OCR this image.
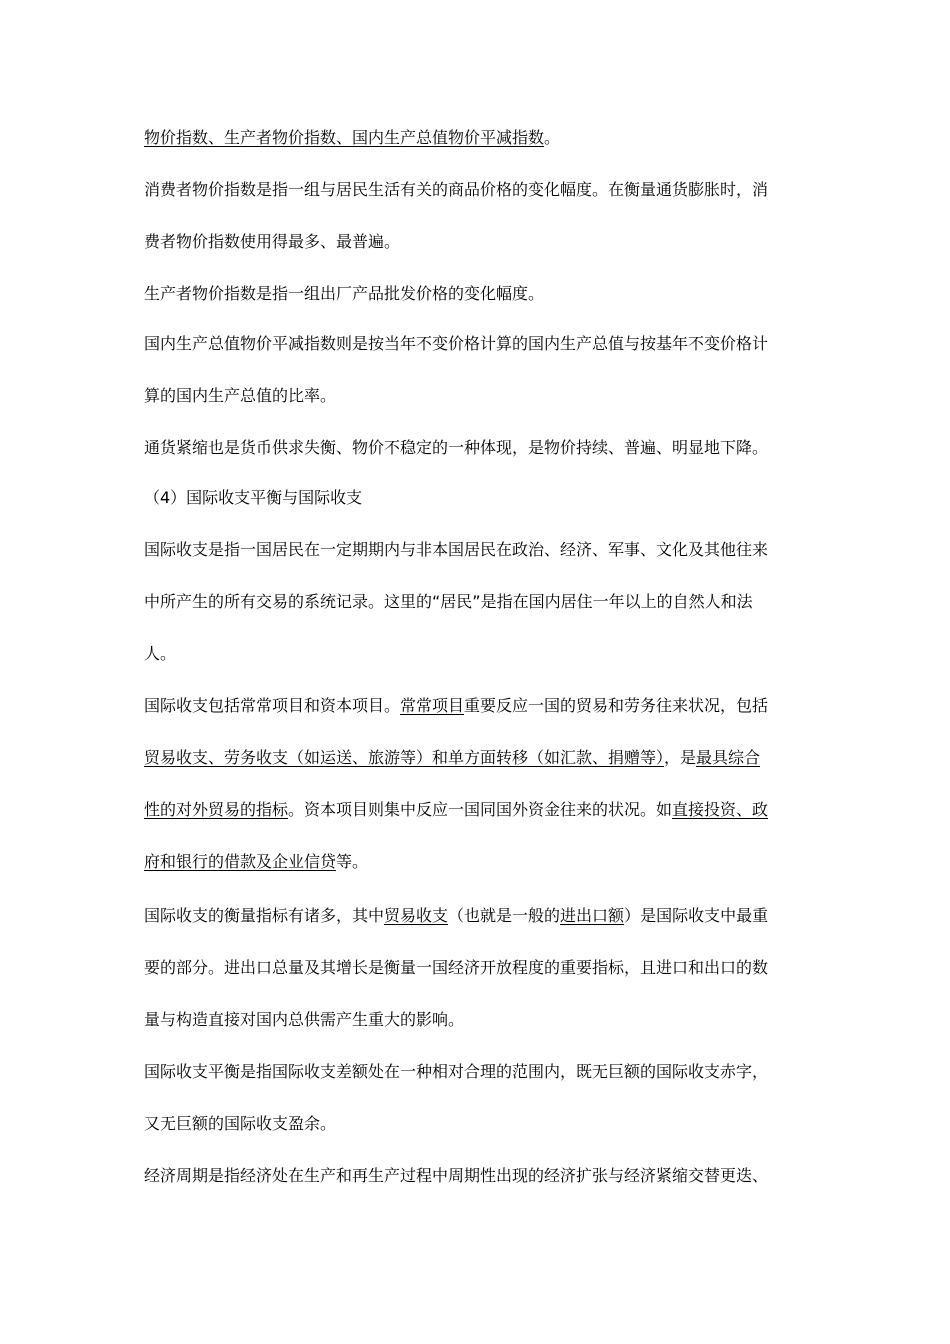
物价指数、生产者物价指数、国内生产总值物价平减指数。
消费者物价指数是指一组与居民生活有关的商品价格的变化幅度。在衡量通货膨胀时，消
费者物价指数使用得最多、最普遍。
生产者物价指数是指一组出厂产品批发价格的变化幅度。
国内生产总值物价平减指数则是按当年不变价格计算的国内生产总值与按基年不变价格计
算的国内生产总值的比率。
通货紧缩也是货币供求失衡、物价不稳定的一种体现，是物价持续、普遍、明显地下降。
（4）国际收支平衡与国际收支
国际收支是指一国居民在一定期期内与非本国居民在政治、经济、军事、文化及其他往来
中所产生的所有交易的系统记录。这里的“居民”是指在国内居住一年以上的自然人和法
人。
国际收支包括常常项目和资本项目。常常项目重要反应一国的贸易和劳务往来状况，包括
贸易收支、劳务收支（如运送、旅游等）和单方面转移（如汇款、捐赠等），是最具综合
性的对外贸易的指标。资本项目则集中反应一国同国外资金往来的状况。如直接投资、政
府和银行的借款及企业信贷等。
国际收支的衡量指标有诸多，其中贸易收支（也就是一般的进出口额）是国际收支中最重
要的部分。进出口总量及其增长是衡量一国经济开放程度的重要指标，且进口和出口的数
量与构造直接对国内总供需产生重大的影响。
国际收支平衡是指国际收支差额处在一种相对合理的范围内，既无巨额的国际收支赤字，
又无巨额的国际收支盈余。
经济周期是指经济处在生产和再生产过程中周期性出现的经济扩张与经济紧缩交替更迭、
